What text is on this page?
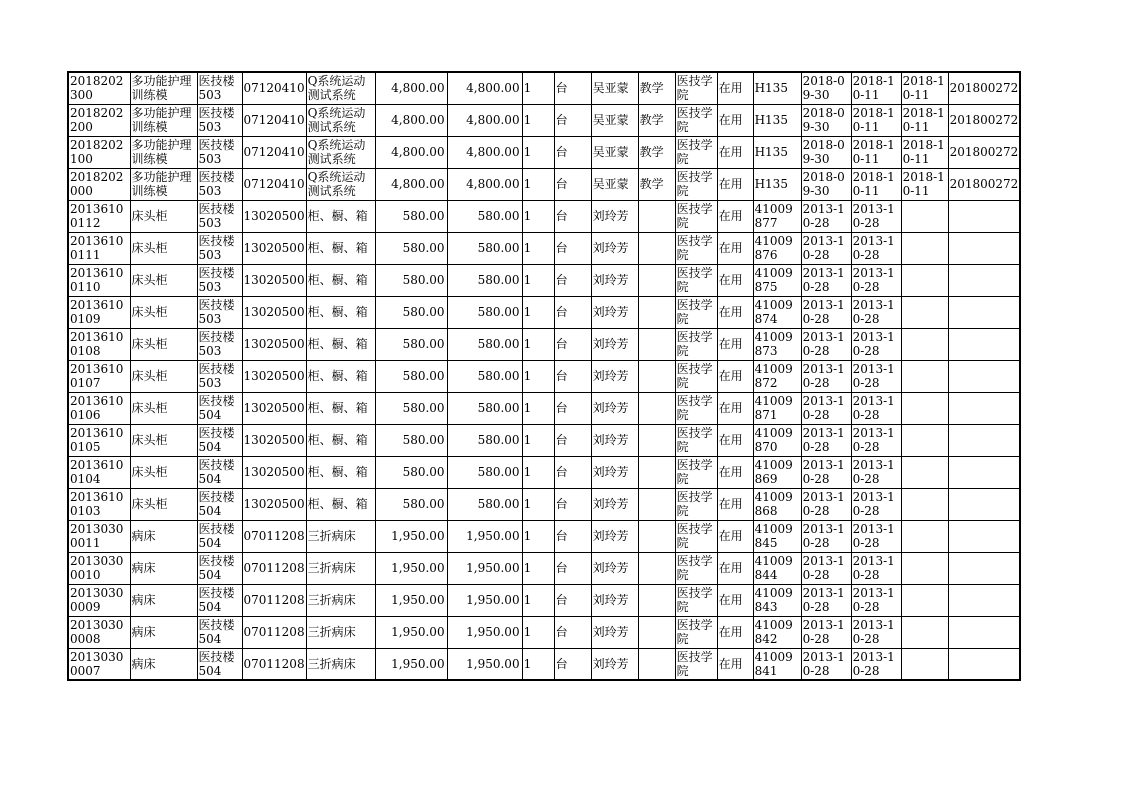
2018202300	多功能护理训练模	医技楼503	07120410	Q系统运动测试系统	4,800.00	4,800.00	1	台	吴亚蒙	教学	医技学院	在用	H135	2018-09-30	2018-10-11	2018-10-11	201800272
2018202200	多功能护理训练模	医技楼503	07120410	Q系统运动测试系统	4,800.00	4,800.00	1	台	吴亚蒙	教学	医技学院	在用	H135	2018-09-30	2018-10-11	2018-10-11	201800272
2018202100	多功能护理训练模	医技楼503	07120410	Q系统运动测试系统	4,800.00	4,800.00	1	台	吴亚蒙	教学	医技学院	在用	H135	2018-09-30	2018-10-11	2018-10-11	201800272
2018202000	多功能护理训练模	医技楼503	07120410	Q系统运动测试系统	4,800.00	4,800.00	1	台	吴亚蒙	教学	医技学院	在用	H135	2018-09-30	2018-10-11	2018-10-11	201800272
20136100112	床头柜	医技楼503	13020500	柜、橱、箱	580.00	580.00	1	台	刘玲芳		医技学院	在用	41009877	2013-10-28	2013-10-28		
20136100111	床头柜	医技楼503	13020500	柜、橱、箱	580.00	580.00	1	台	刘玲芳		医技学院	在用	41009876	2013-10-28	2013-10-28		
20136100110	床头柜	医技楼503	13020500	柜、橱、箱	580.00	580.00	1	台	刘玲芳		医技学院	在用	41009875	2013-10-28	2013-10-28		
20136100109	床头柜	医技楼503	13020500	柜、橱、箱	580.00	580.00	1	台	刘玲芳		医技学院	在用	41009874	2013-10-28	2013-10-28		
20136100108	床头柜	医技楼503	13020500	柜、橱、箱	580.00	580.00	1	台	刘玲芳		医技学院	在用	41009873	2013-10-28	2013-10-28		
20136100107	床头柜	医技楼503	13020500	柜、橱、箱	580.00	580.00	1	台	刘玲芳		医技学院	在用	41009872	2013-10-28	2013-10-28		
20136100106	床头柜	医技楼504	13020500	柜、橱、箱	580.00	580.00	1	台	刘玲芳		医技学院	在用	41009871	2013-10-28	2013-10-28		
20136100105	床头柜	医技楼504	13020500	柜、橱、箱	580.00	580.00	1	台	刘玲芳		医技学院	在用	41009870	2013-10-28	2013-10-28		
20136100104	床头柜	医技楼504	13020500	柜、橱、箱	580.00	580.00	1	台	刘玲芳		医技学院	在用	41009869	2013-10-28	2013-10-28		
20136100103	床头柜	医技楼504	13020500	柜、橱、箱	580.00	580.00	1	台	刘玲芳		医技学院	在用	41009868	2013-10-28	2013-10-28		
20130300011	病床	医技楼504	07011208	三折病床	1,950.00	1,950.00	1	台	刘玲芳		医技学院	在用	41009845	2013-10-28	2013-10-28		
20130300010	病床	医技楼504	07011208	三折病床	1,950.00	1,950.00	1	台	刘玲芳		医技学院	在用	41009844	2013-10-28	2013-10-28		
20130300009	病床	医技楼504	07011208	三折病床	1,950.00	1,950.00	1	台	刘玲芳		医技学院	在用	41009843	2013-10-28	2013-10-28		
20130300008	病床	医技楼504	07011208	三折病床	1,950.00	1,950.00	1	台	刘玲芳		医技学院	在用	41009842	2013-10-28	2013-10-28		
20130300007	病床	医技楼504	07011208	三折病床	1,950.00	1,950.00	1	台	刘玲芳		医技学院	在用	41009841	2013-10-28	2013-10-28		
